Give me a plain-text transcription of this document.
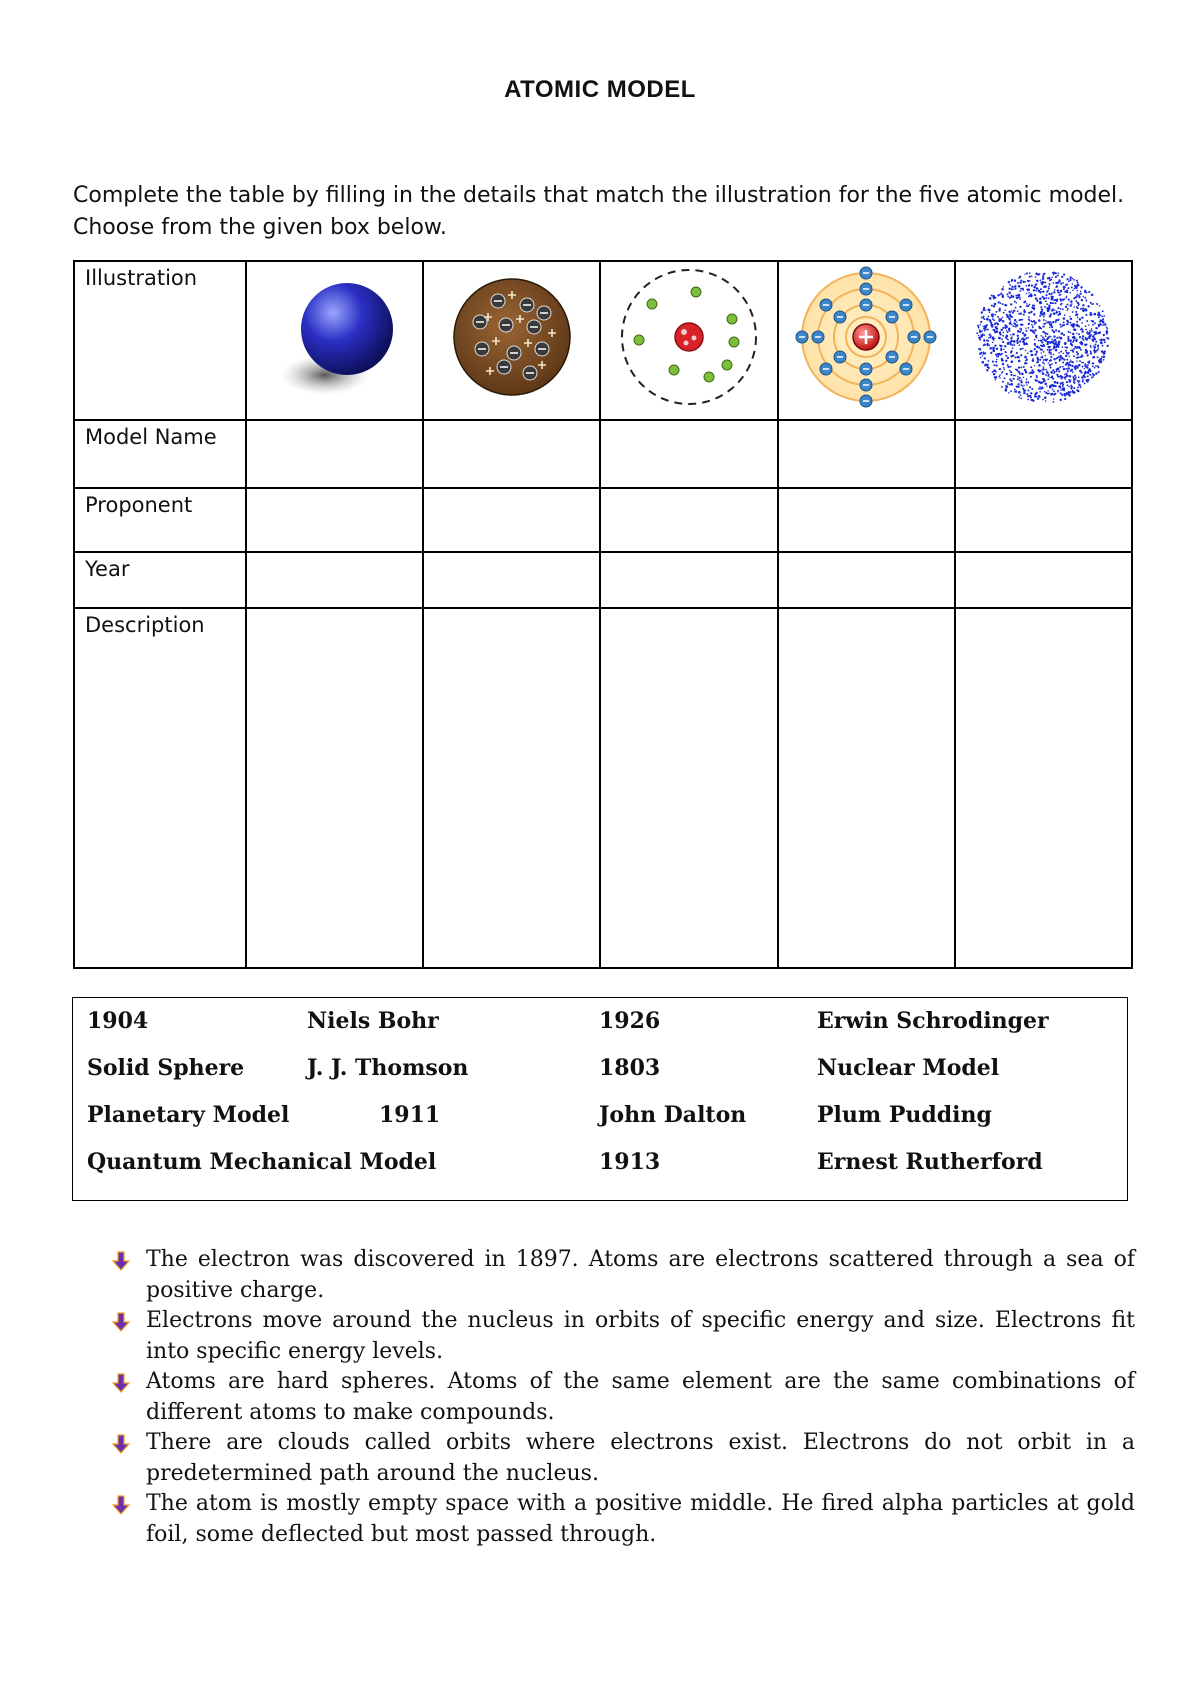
ATOMIC MODEL
Complete the table by filling in the details that match the illustration for the five atomic model. Choose from the given box below.
Illustration					
Model Name					
Proponent					
Year					
Description					
1904	Niels Bohr	1926	Erwin Schrodinger
Solid Sphere	J. J. Thomson	1803	Nuclear Model
Planetary Model	1911	John Dalton	Plum Pudding
Quantum Mechanical Model	1913	Ernest Rutherford
The electron was discovered in 1897. Atoms are electrons scattered through a sea of positive charge.
Electrons move around the nucleus in orbits of specific energy and size. Electrons fit into specific energy levels.
Atoms are hard spheres. Atoms of the same element are the same combinations of different atoms to make compounds.
There are clouds called orbits where electrons exist. Electrons do not orbit in a predetermined path around the nucleus.
The atom is mostly empty space with a positive middle. He fired alpha particles at gold foil, some deflected but most passed through.
